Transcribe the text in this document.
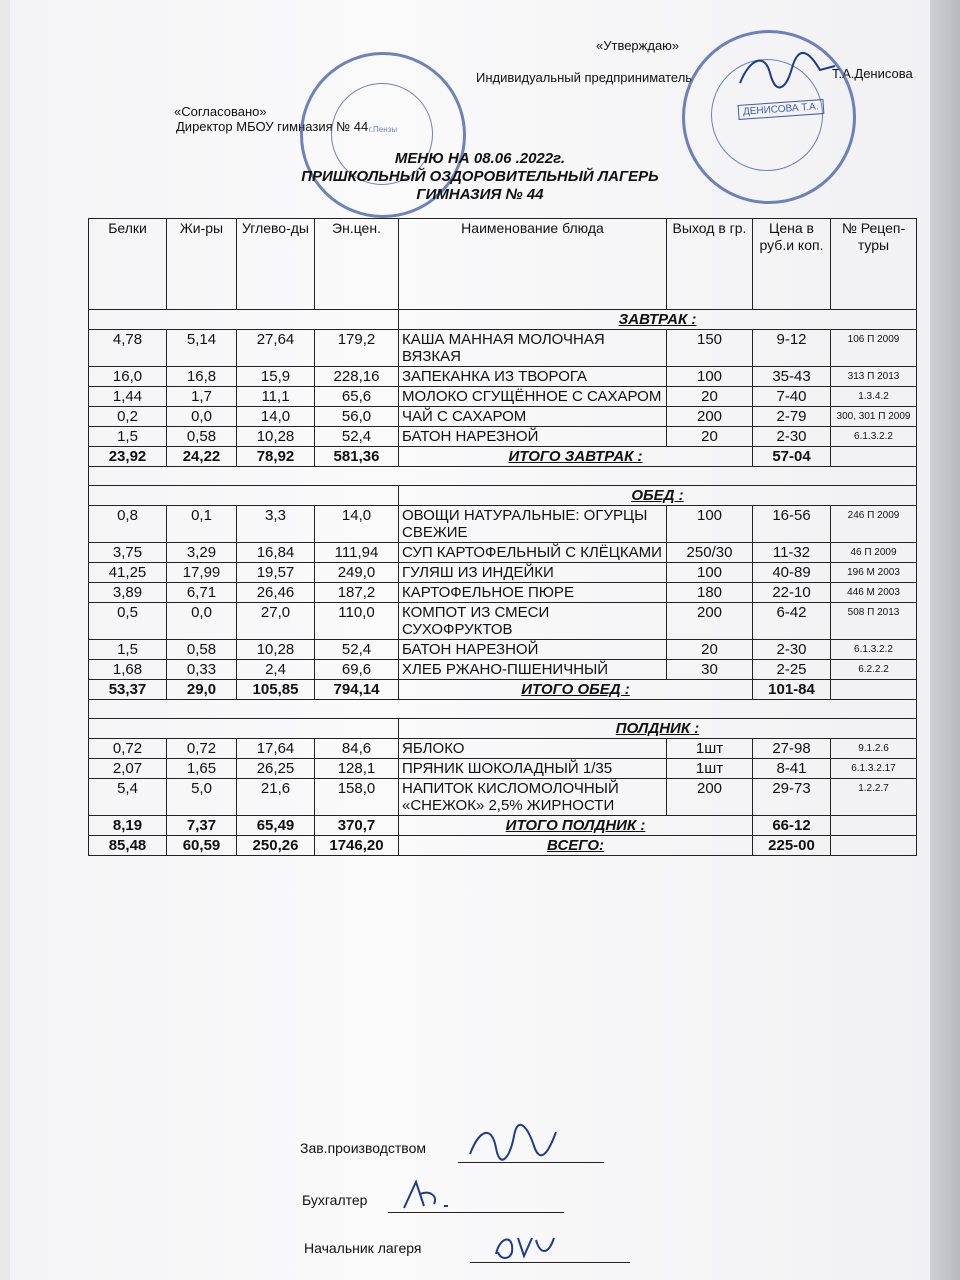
«Утверждаю»
Индивидуальный предприниматель	Т.А.Денисова
«Согласовано»
Директор МБОУ гимназия № 44 г.Пензы
ДЕНИСОВА Т.А.
МЕНЮ НА 08.06 .2022г.
ПРИШКОЛЬНЫЙ ОЗДОРОВИТЕЛЬНЫЙ ЛАГЕРЬ
ГИМНАЗИЯ № 44
Белки	Жи-ры	Углево-ды	Эн.цен.	Наименование блюда	Выход в гр.	Цена в руб.и коп.	№ Рецеп-туры
				ЗАВТРАК :			
4,78	5,14	27,64	179,2	КАША МАННАЯ МОЛОЧНАЯ ВЯЗКАЯ	150	9-12	106 П 2009
16,0	16,8	15,9	228,16	ЗАПЕКАНКА ИЗ ТВОРОГА	100	35-43	313 П 2013
1,44	1,7	11,1	65,6	МОЛОКО СГУЩЁННОЕ С САХАРОМ	20	7-40	1.3.4.2
0,2	0,0	14,0	56,0	ЧАЙ С САХАРОМ	200	2-79	300, 301 П 2009
1,5	0,58	10,28	52,4	БАТОН НАРЕЗНОЙ	20	2-30	6.1.3.2.2
23,92	24,22	78,92	581,36	ИТОГО ЗАВТРАК :		57-04	

				ОБЕД :			
0,8	0,1	3,3	14,0	ОВОЩИ НАТУРАЛЬНЫЕ: ОГУРЦЫ СВЕЖИЕ	100	16-56	246 П 2009
3,75	3,29	16,84	111,94	СУП КАРТОФЕЛЬНЫЙ С КЛЁЦКАМИ	250/30	11-32	46 П 2009
41,25	17,99	19,57	249,0	ГУЛЯШ ИЗ ИНДЕЙКИ	100	40-89	196 М 2003
3,89	6,71	26,46	187,2	КАРТОФЕЛЬНОЕ ПЮРЕ	180	22-10	446 М 2003
0,5	0,0	27,0	110,0	КОМПОТ ИЗ СМЕСИ СУХОФРУКТОВ	200	6-42	508 П 2013
1,5	0,58	10,28	52,4	БАТОН НАРЕЗНОЙ	20	2-30	6.1.3.2.2
1,68	0,33	2,4	69,6	ХЛЕБ РЖАНО-ПШЕНИЧНЫЙ	30	2-25	6.2.2.2
53,37	29,0	105,85	794,14	ИТОГО ОБЕД :		101-84	

				ПОЛДНИК :			
0,72	0,72	17,64	84,6	ЯБЛОКО	1шт	27-98	9.1.2.6
2,07	1,65	26,25	128,1	ПРЯНИК ШОКОЛАДНЫЙ 1/35	1шт	8-41	6.1.3.2.17
5,4	5,0	21,6	158,0	НАПИТОК КИСЛОМОЛОЧНЫЙ «СНЕЖОК» 2,5% ЖИРНОСТИ	200	29-73	1.2.2.7
8,19	7,37	65,49	370,7	ИТОГО ПОЛДНИК :		66-12	
85,48	60,59	250,26	1746,20	ВСЕГО:		225-00	
Зав.производством
Бухгалтер
Начальник лагеря
